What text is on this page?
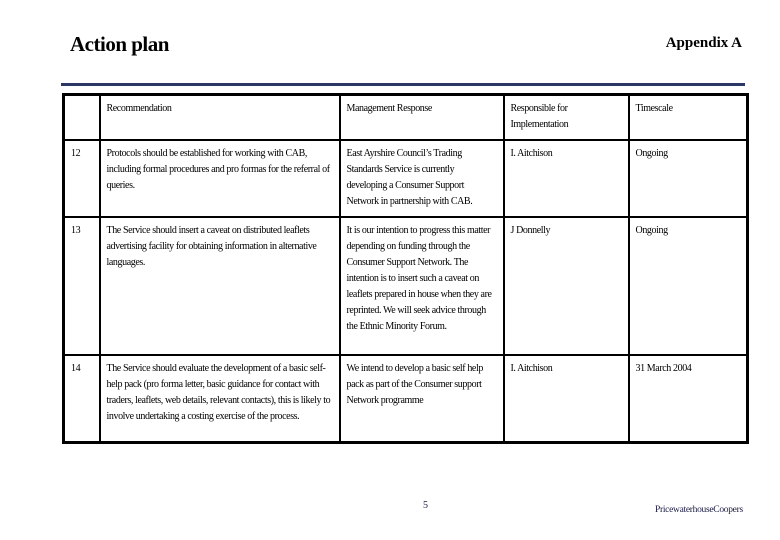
Action plan	Appendix A
	Recommendation	Management Response	Responsible for Implementation	Timescale
12	Protocols should be established for working with CAB, including formal procedures and pro formas for the referral of queries.	East Ayrshire Council’s Trading Standards Service is currently developing a Consumer Support Network in partnership with CAB.	I. Aitchison	Ongoing
13	The Service should insert a caveat on distributed leaflets advertising facility for obtaining information in alternative languages.	It is our intention to progress this matter depending on funding through the Consumer Support Network. The intention is to insert such a caveat on leaflets prepared in house when they are reprinted. We will seek advice through the Ethnic Minority Forum.	J Donnelly	Ongoing
14	The Service should evaluate the development of a basic self-help pack (pro forma letter, basic guidance for contact with traders, leaflets, web details, relevant contacts), this is likely to involve undertaking a costing exercise of the process.	We intend to develop a basic self help pack as part of the Consumer support Network programme	I. Aitchison	31 March 2004
5	PricewaterhouseCoopers
